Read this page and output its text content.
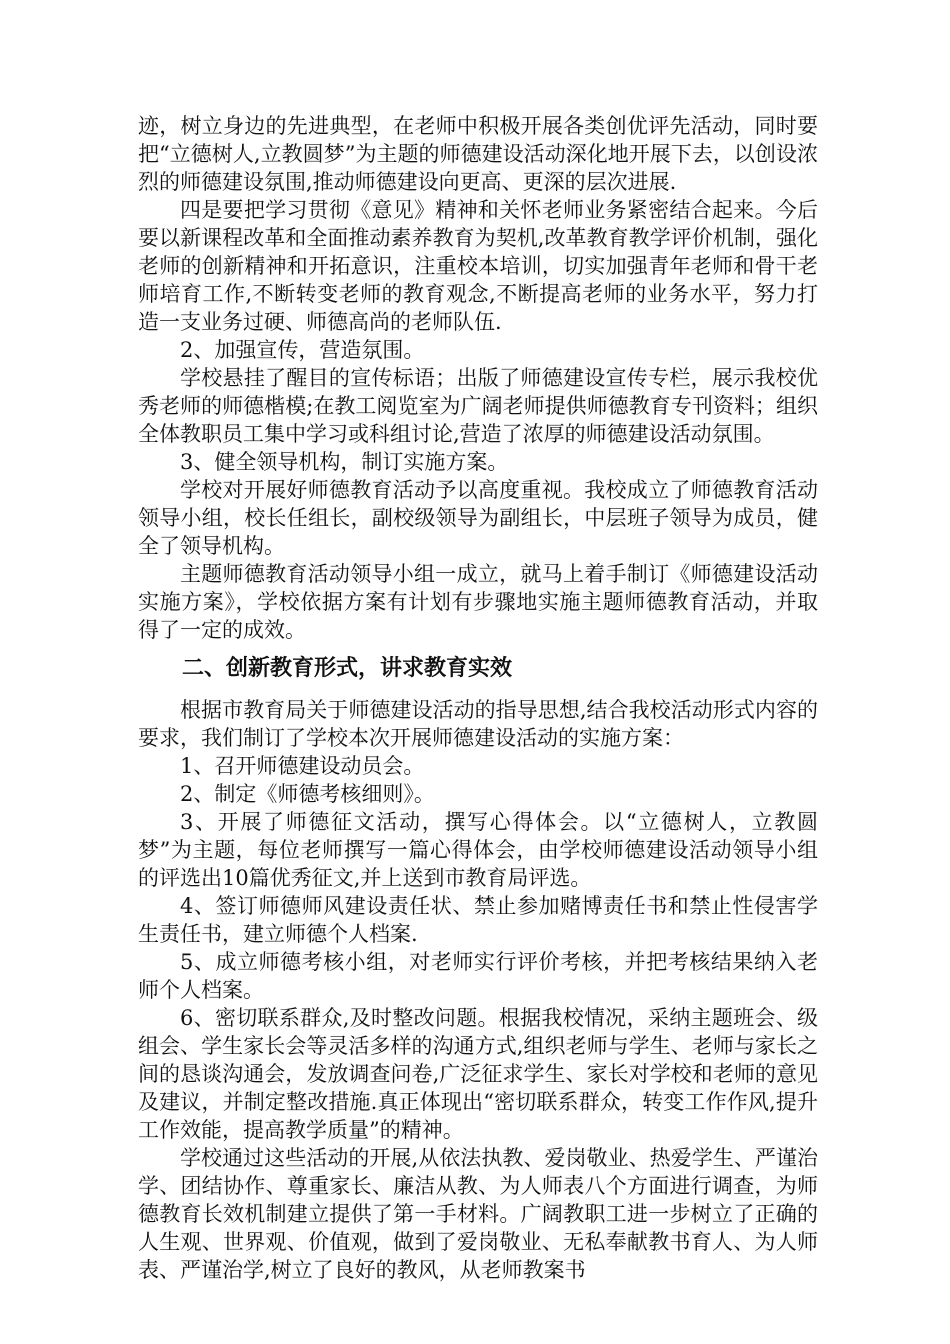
迹，树立身边的先进典型，在老师中积极开展各类创优评先活动，同时要把“立德树人,立教圆梦”为主题的师德建设活动深化地开展下去，以创设浓烈的师德建设氛围,推动师德建设向更高、更深的层次进展.

四是要把学习贯彻《意见》精神和关怀老师业务紧密结合起来。今后要以新课程改革和全面推动素养教育为契机,改革教育教学评价机制，强化老师的创新精神和开拓意识，注重校本培训，切实加强青年老师和骨干老师培育工作,不断转变老师的教育观念,不断提高老师的业务水平，努力打造一支业务过硬、师德高尚的老师队伍.

2、加强宣传，营造氛围。

学校悬挂了醒目的宣传标语；出版了师德建设宣传专栏，展示我校优秀老师的师德楷模;在教工阅览室为广阔老师提供师德教育专刊资料；组织全体教职员工集中学习或科组讨论,营造了浓厚的师德建设活动氛围。

3、健全领导机构，制订实施方案。

学校对开展好师德教育活动予以高度重视。我校成立了师德教育活动领导小组，校长任组长，副校级领导为副组长，中层班子领导为成员，健全了领导机构。

主题师德教育活动领导小组一成立，就马上着手制订《师德建设活动实施方案》，学校依据方案有计划有步骤地实施主题师德教育活动，并取得了一定的成效。

二、创新教育形式，讲求教育实效

根据市教育局关于师德建设活动的指导思想,结合我校活动形式内容的要求，我们制订了学校本次开展师德建设活动的实施方案：

1、召开师德建设动员会。

2、制定《师德考核细则》。

3、开展了师德征文活动，撰写心得体会。以“立德树人，立教圆梦”为主题，每位老师撰写一篇心得体会，由学校师德建设活动领导小组的评选出10篇优秀征文,并上送到市教育局评选。

4、签订师德师风建设责任状、禁止参加赌博责任书和禁止性侵害学生责任书，建立师德个人档案.

5、成立师德考核小组，对老师实行评价考核，并把考核结果纳入老师个人档案。

6、密切联系群众,及时整改问题。根据我校情况，采纳主题班会、级组会、学生家长会等灵活多样的沟通方式,组织老师与学生、老师与家长之间的恳谈沟通会，发放调查问卷,广泛征求学生、家长对学校和老师的意见及建议，并制定整改措施.真正体现出“密切联系群众，转变工作作风,提升工作效能，提高教学质量”的精神。

学校通过这些活动的开展,从依法执教、爱岗敬业、热爱学生、严谨治学、团结协作、尊重家长、廉洁从教、为人师表八个方面进行调查，为师德教育长效机制建立提供了第一手材料。广阔教职工进一步树立了正确的人生观、世界观、价值观，做到了爱岗敬业、无私奉献教书育人、为人师表、严谨治学,树立了良好的教风，从老师教案书
